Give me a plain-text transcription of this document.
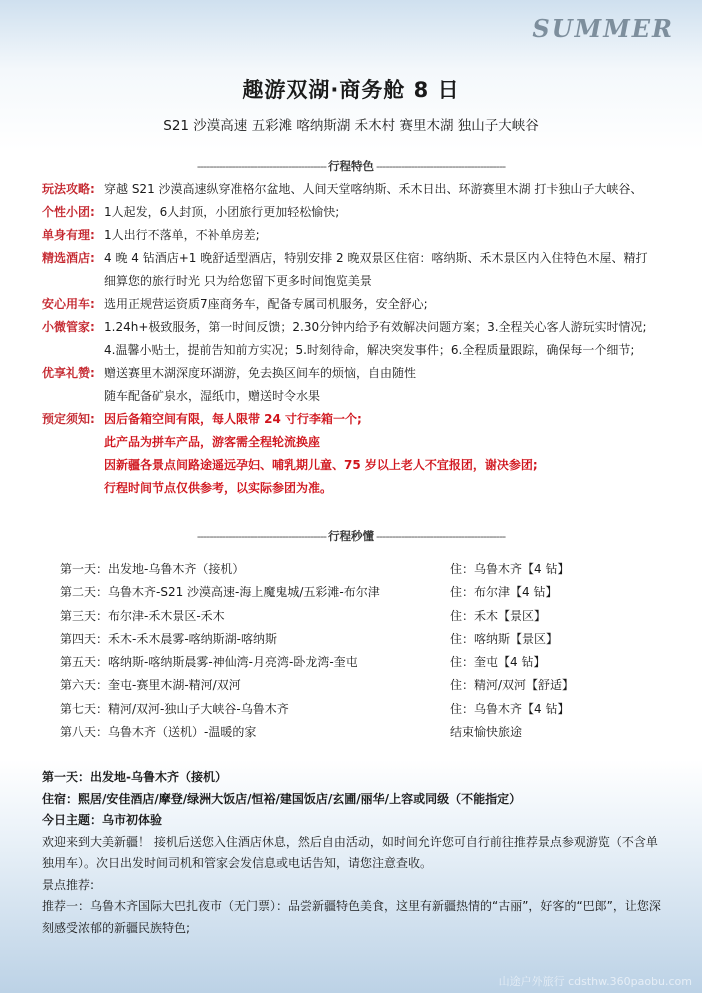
SUMMER
趣游双湖·商务舱 8 日
S21 沙漠高速 五彩滩 喀纳斯湖 禾木村 赛里木湖 独山子大峡谷
----------------------------------------- 行程特色 -----------------------------------------
玩法攻略: 穿越 S21 沙漠高速纵穿准格尔盆地、人间天堂喀纳斯、禾木日出、环游赛里木湖 打卡独山子大峡谷、
个性小团: 1人起发，6人封顶，小团旅行更加轻松愉快;
单身有理: 1人出行不落单，不补单房差;
精选酒店: 4 晚 4 钻酒店+1 晚舒适型酒店，特别安排 2 晚双景区住宿：喀纳斯、禾木景区内入住特色木屋、精打
细算您的旅行时光 只为给您留下更多时间饱览美景
安心用车: 选用正规营运资质7座商务车，配备专属司机服务，安全舒心;
小微管家: 1.24h+极致服务，第一时间反馈；2.30分钟内给予有效解决问题方案；3.全程关心客人游玩实时情况;
4.温馨小贴士，提前告知前方实况；5.时刻待命，解决突发事件；6.全程质量跟踪，确保每一个细节;
优享礼赞: 赠送赛里木湖深度环湖游，免去换区间车的烦恼，自由随性
随车配备矿泉水，湿纸巾，赠送时令水果
预定须知: 因后备箱空间有限，每人限带 24 寸行李箱一个;
此产品为拼车产品，游客需全程轮流换座
因新疆各景点间路途遥远孕妇、哺乳期儿童、75 岁以上老人不宜报团，谢决参团;
行程时间节点仅供参考，以实际参团为准。
----------------------------------------- 行程秒懂 -----------------------------------------
第一天：出发地-乌鲁木齐（接机）	住：乌鲁木齐【4 钻】
第二天：乌鲁木齐-S21 沙漠高速-海上魔鬼城/五彩滩-布尔津	住：布尔津【4 钻】
第三天：布尔津-禾木景区-禾木	住：禾木【景区】
第四天：禾木-禾木晨雾-喀纳斯湖-喀纳斯	住：喀纳斯【景区】
第五天：喀纳斯-喀纳斯晨雾-神仙湾-月亮湾-卧龙湾-奎屯	住：奎屯【4 钻】
第六天：奎屯-赛里木湖-精河/双河	住：精河/双河【舒适】
第七天：精河/双河-独山子大峡谷-乌鲁木齐	住：乌鲁木齐【4 钻】
第八天：乌鲁木齐（送机）-温暖的家	结束愉快旅途
第一天：出发地-乌鲁木齐（接机）
住宿：熙居/安佳酒店/摩登/绿洲大饭店/恒裕/建国饭店/玄圃/丽华/上容或同级（不能指定）
今日主题：乌市初体验
欢迎来到大美新疆！ 接机后送您入住酒店休息，然后自由活动，如时间允许您可自行前往推荐景点参观游览（不含单独用车）。次日出发时间司机和管家会发信息或电话告知，请您注意查收。
景点推荐:
推荐一：乌鲁木齐国际大巴扎夜市（无门票）：品尝新疆特色美食，这里有新疆热情的“古丽”，好客的“巴郎”，让您深刻感受浓郁的新疆民族特色;
山途户外旅行 cdsthw.360paobu.com
